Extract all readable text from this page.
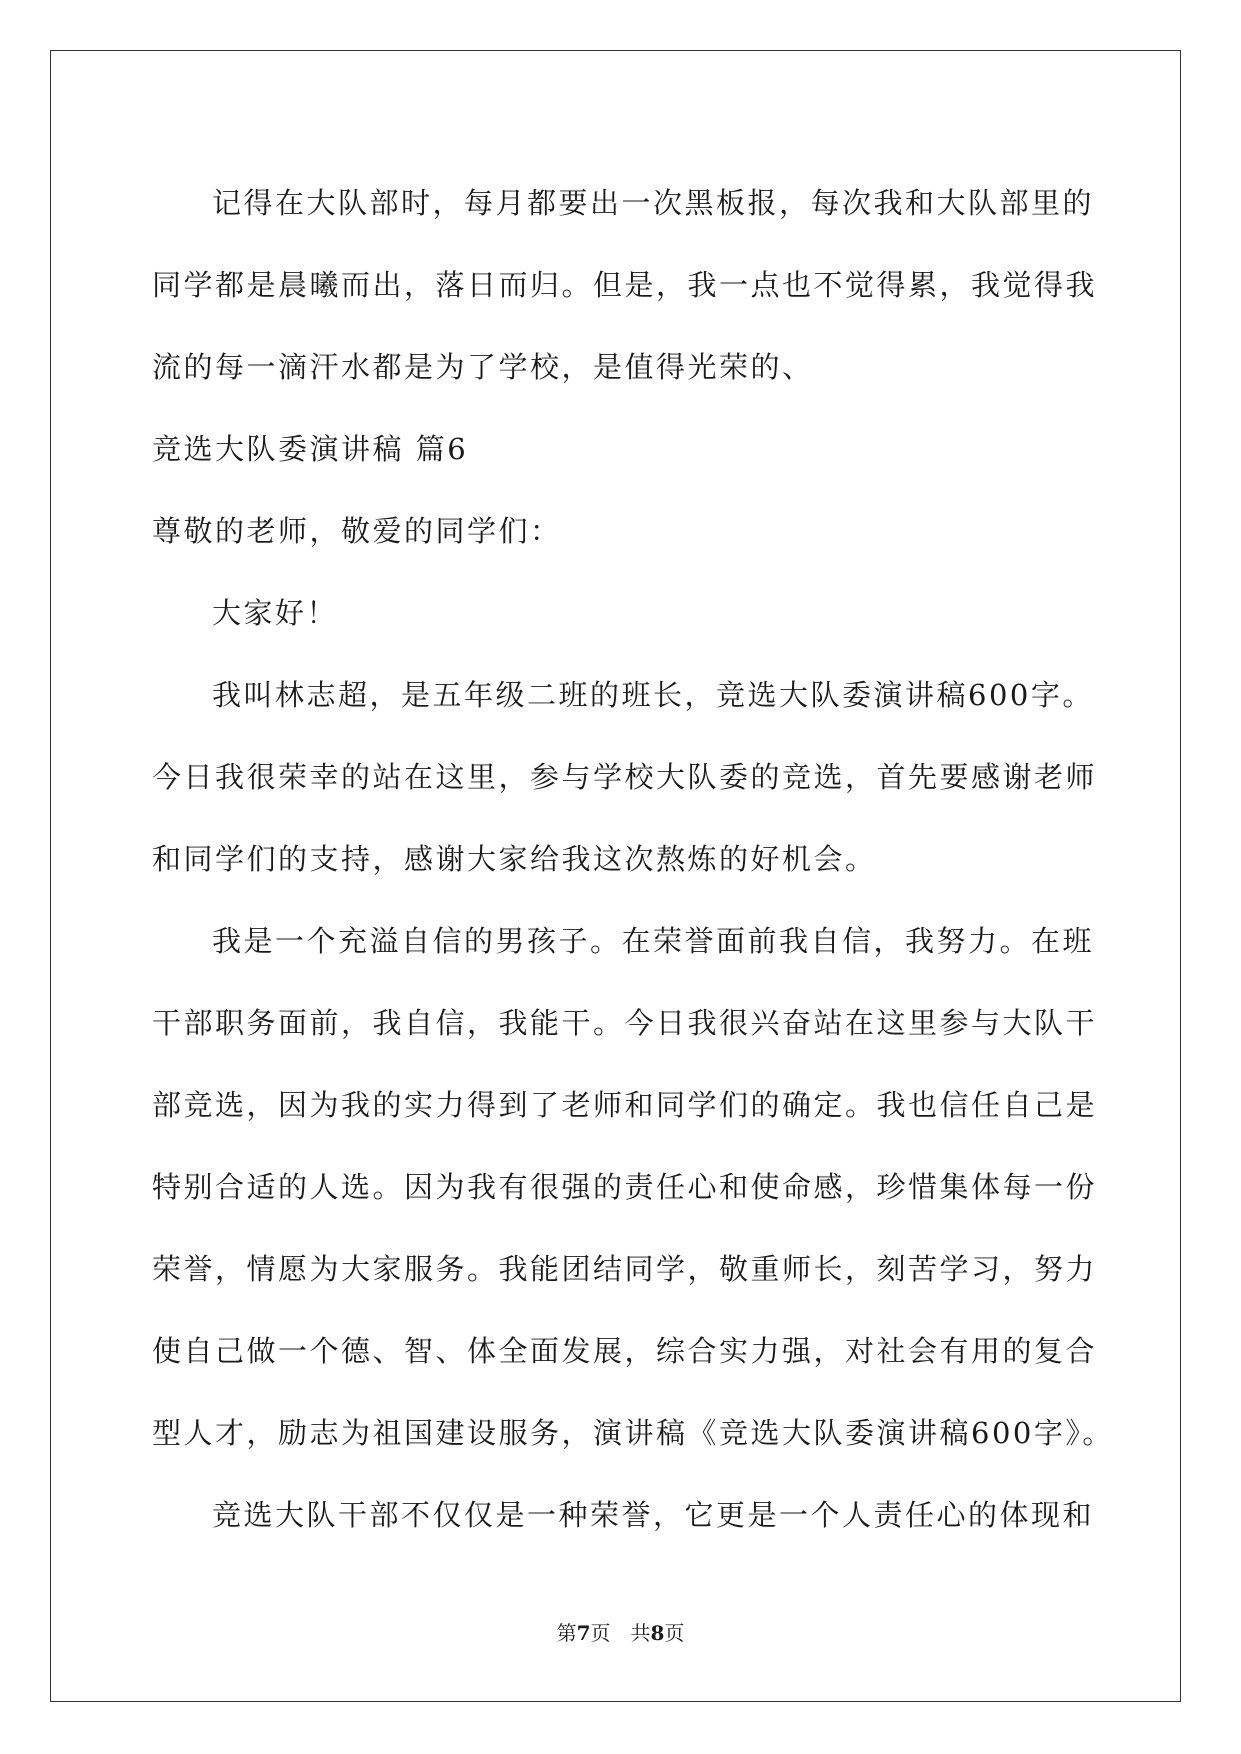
记得在大队部时，每月都要出一次黑板报，每次我和大队部里的
同学都是晨曦而出，落日而归。但是，我一点也不觉得累，我觉得我
流的每一滴汗水都是为了学校，是值得光荣的、
竞选大队委演讲稿 篇6
尊敬的老师，敬爱的同学们：
大家好！
我叫林志超，是五年级二班的班长，竞选大队委演讲稿600字。
今日我很荣幸的站在这里，参与学校大队委的竞选，首先要感谢老师
和同学们的支持，感谢大家给我这次熬炼的好机会。
我是一个充溢自信的男孩子。在荣誉面前我自信，我努力。在班
干部职务面前，我自信，我能干。今日我很兴奋站在这里参与大队干
部竞选，因为我的实力得到了老师和同学们的确定。我也信任自己是
特别合适的人选。因为我有很强的责任心和使命感，珍惜集体每一份
荣誉，情愿为大家服务。我能团结同学，敬重师长，刻苦学习，努力
使自己做一个德、智、体全面发展，综合实力强，对社会有用的复合
型人才，励志为祖国建设服务，演讲稿《竞选大队委演讲稿600字》。
竞选大队干部不仅仅是一种荣誉，它更是一个人责任心的体现和
第7页　共8页
